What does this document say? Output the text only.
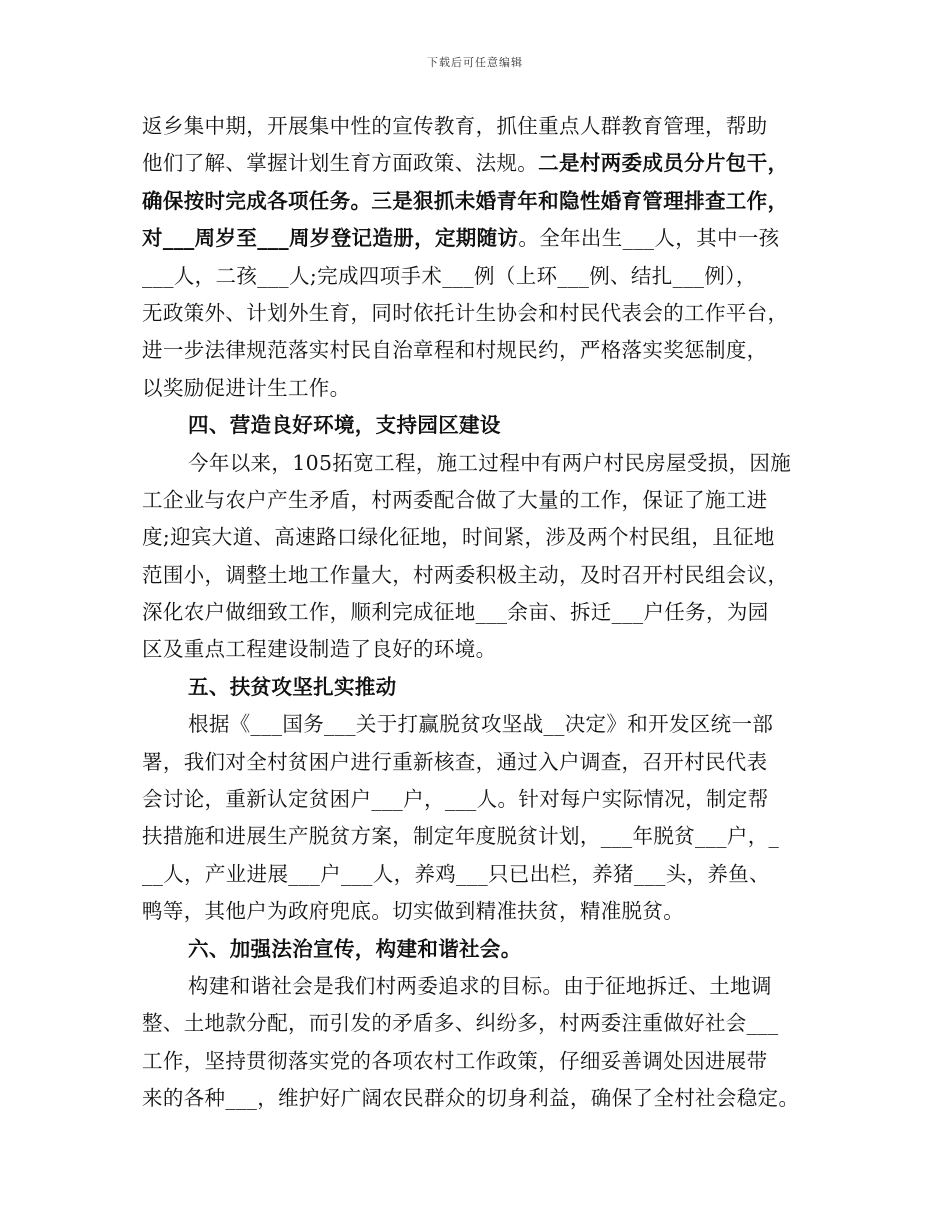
下载后可任意编辑
返乡集中期，开展集中性的宣传教育，抓住重点人群教育管理，帮助
他们了解、掌握计划生育方面政策、法规。二是村两委成员分片包干，
确保按时完成各项任务。三是狠抓未婚青年和隐性婚育管理排查工作，
对___周岁至___周岁登记造册，定期随访。全年出生___人，其中一孩
___人，二孩___人;完成四项手术___例（上环___例、结扎___例），
无政策外、计划外生育，同时依托计生协会和村民代表会的工作平台，
进一步法律规范落实村民自治章程和村规民约，严格落实奖惩制度，
以奖励促进计生工作。
四、营造良好环境，支持园区建设
今年以来，105拓宽工程，施工过程中有两户村民房屋受损，因施
工企业与农户产生矛盾，村两委配合做了大量的工作，保证了施工进
度;迎宾大道、高速路口绿化征地，时间紧，涉及两个村民组，且征地
范围小，调整土地工作量大，村两委积极主动，及时召开村民组会议，
深化农户做细致工作，顺利完成征地___余亩、拆迁___户任务，为园
区及重点工程建设制造了良好的环境。
五、扶贫攻坚扎实推动
根据《___国务___关于打赢脱贫攻坚战__决定》和开发区统一部
署，我们对全村贫困户进行重新核查，通过入户调查，召开村民代表
会讨论，重新认定贫困户___户，___人。针对每户实际情况，制定帮
扶措施和进展生产脱贫方案，制定年度脱贫计划，___年脱贫___户，_
__人，产业进展___户___人，养鸡___只已出栏，养猪___头，养鱼、
鸭等，其他户为政府兜底。切实做到精准扶贫，精准脱贫。
六、加强法治宣传，构建和谐社会。
构建和谐社会是我们村两委追求的目标。由于征地拆迁、土地调
整、土地款分配，而引发的矛盾多、纠纷多，村两委注重做好社会___
工作，坚持贯彻落实党的各项农村工作政策，仔细妥善调处因进展带
来的各种___，维护好广阔农民群众的切身利益，确保了全村社会稳定。
